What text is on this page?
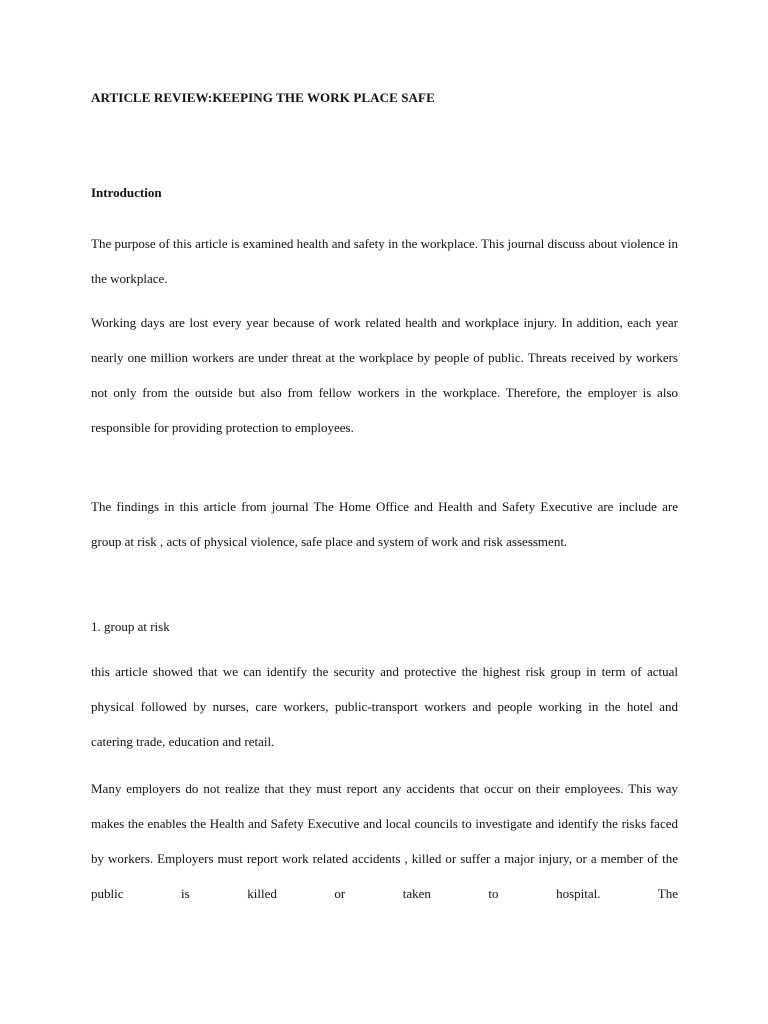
ARTICLE REVIEW:KEEPING THE WORK PLACE SAFE
Introduction

The purpose of this article is examined health and safety in the workplace. This journal discuss about violence in the workplace.

Working days are lost every year because of work related health and workplace injury. In addition, each year nearly one million workers are under threat at the workplace by people of public. Threats received by workers not only from the outside but also from fellow workers in the workplace. Therefore, the employer is also responsible for providing protection to employees.

The findings in this article from journal The Home Office and Health and Safety Executive are include are group at risk , acts of physical violence, safe place and system of work and risk assessment.

1. group at risk

this article showed that we can identify the security and protective the highest risk group in term of actual physical followed by nurses, care workers, public-transport workers and people working in the hotel and catering trade, education and retail.

Many employers do not realize that they must report any accidents that occur on their employees. This way makes the enables the Health and Safety Executive and local councils to investigate and identify the risks faced by workers. Employers must report work related accidents , killed or suffer a major injury, or a member of the public is killed or taken to hospital. The
